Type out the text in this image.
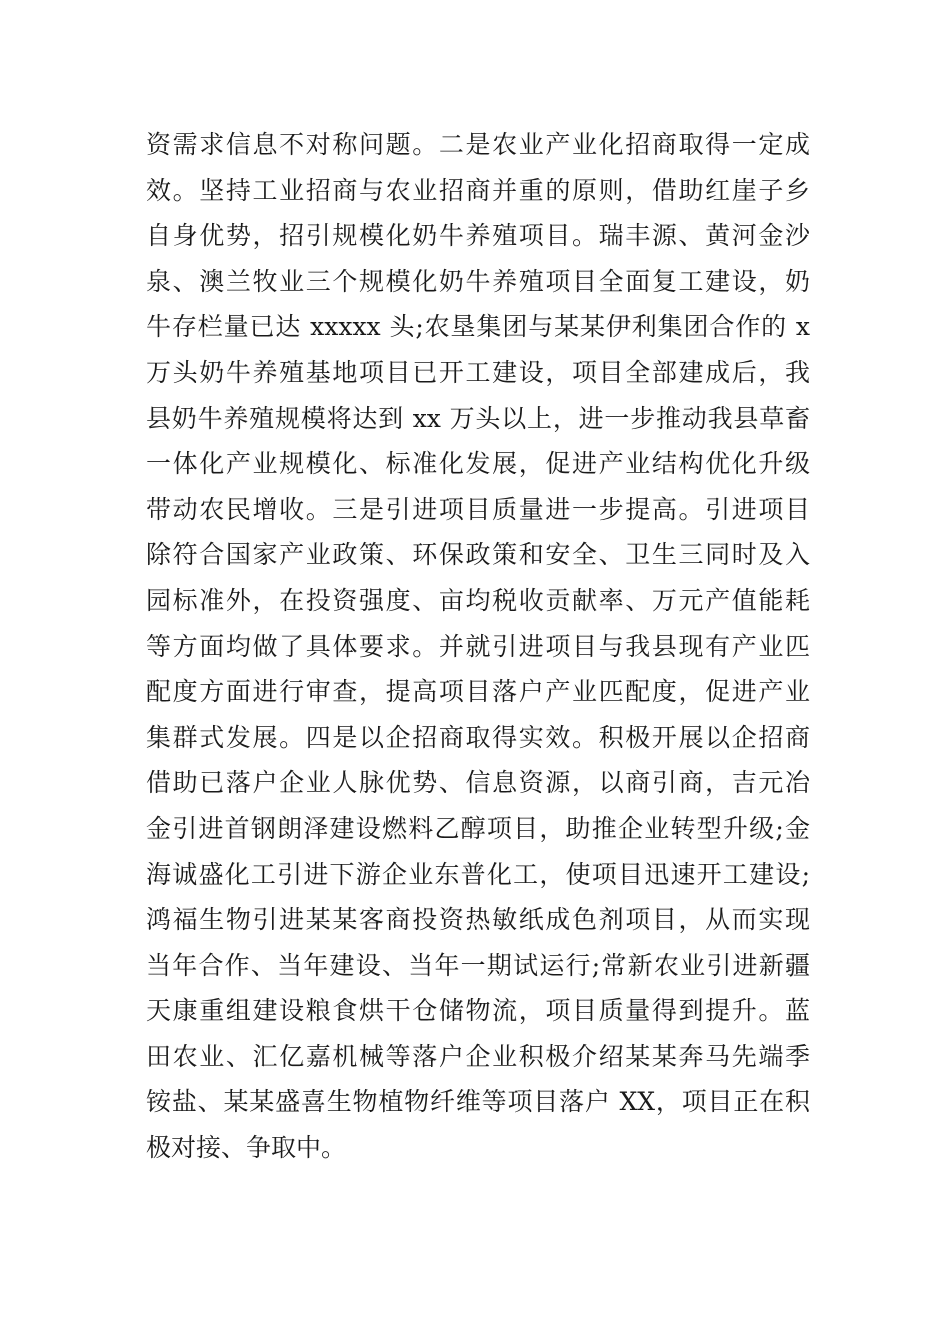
资需求信息不对称问题。二是农业产业化招商取得一定成
效。坚持工业招商与农业招商并重的原则，借助红崖子乡
自身优势，招引规模化奶牛养殖项目。瑞丰源、黄河金沙
泉、澳兰牧业三个规模化奶牛养殖项目全面复工建设，奶
牛存栏量已达 xxxxx 头;农垦集团与某某伊利集团合作的 x
万头奶牛养殖基地项目已开工建设，项目全部建成后，我
县奶牛养殖规模将达到 xx 万头以上，进一步推动我县草畜
一体化产业规模化、标准化发展，促进产业结构优化升级
带动农民增收。三是引进项目质量进一步提高。引进项目
除符合国家产业政策、环保政策和安全、卫生三同时及入
园标准外，在投资强度、亩均税收贡献率、万元产值能耗
等方面均做了具体要求。并就引进项目与我县现有产业匹
配度方面进行审查，提高项目落户产业匹配度，促进产业
集群式发展。四是以企招商取得实效。积极开展以企招商
借助已落户企业人脉优势、信息资源，以商引商，吉元冶
金引进首钢朗泽建设燃料乙醇项目，助推企业转型升级;金
海诚盛化工引进下游企业东普化工，使项目迅速开工建设;
鸿福生物引进某某客商投资热敏纸成色剂项目，从而实现
当年合作、当年建设、当年一期试运行;常新农业引进新疆
天康重组建设粮食烘干仓储物流，项目质量得到提升。蓝
田农业、汇亿嘉机械等落户企业积极介绍某某奔马先端季
铵盐、某某盛喜生物植物纤维等项目落户 XX，项目正在积
极对接、争取中。
